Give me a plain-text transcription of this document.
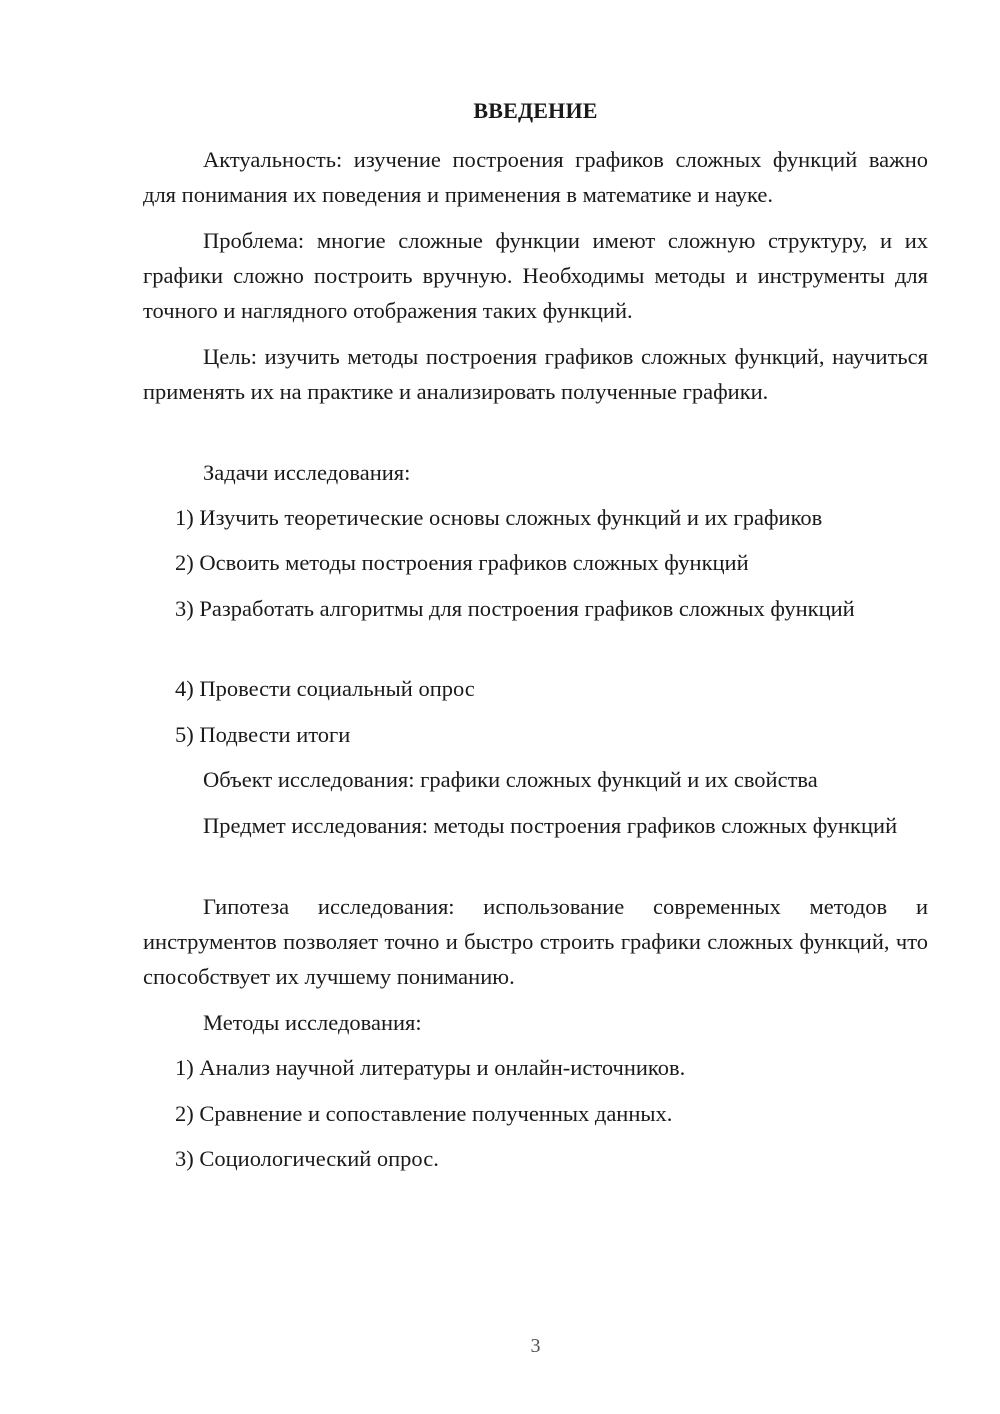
ВВЕДЕНИЕ

Актуальность: изучение построения графиков сложных функций важно для понимания их поведения и применения в математике и науке.

Проблема: многие сложные функции имеют сложную структуру, и их графики сложно построить вручную. Необходимы методы и инструменты для точного и наглядного отображения таких функций.

Цель: изучить методы построения графиков сложных функций, научиться применять их на практике и анализировать полученные графики.

Задачи исследования:

1) Изучить теоретические основы сложных функций и их графиков

2) Освоить методы построения графиков сложных функций

3) Разработать алгоритмы для построения графиков сложных функций

4) Провести социальный опрос

5) Подвести итоги

Объект исследования: графики сложных функций и их свойства

Предмет исследования: методы построения графиков сложных функций

Гипотеза исследования: использование современных методов и инструментов позволяет точно и быстро строить графики сложных функций, что способствует их лучшему пониманию.

Методы исследования:

1) Анализ научной литературы и онлайн-источников.

2) Сравнение и сопоставление полученных данных.

3) Социологический опрос.

3
